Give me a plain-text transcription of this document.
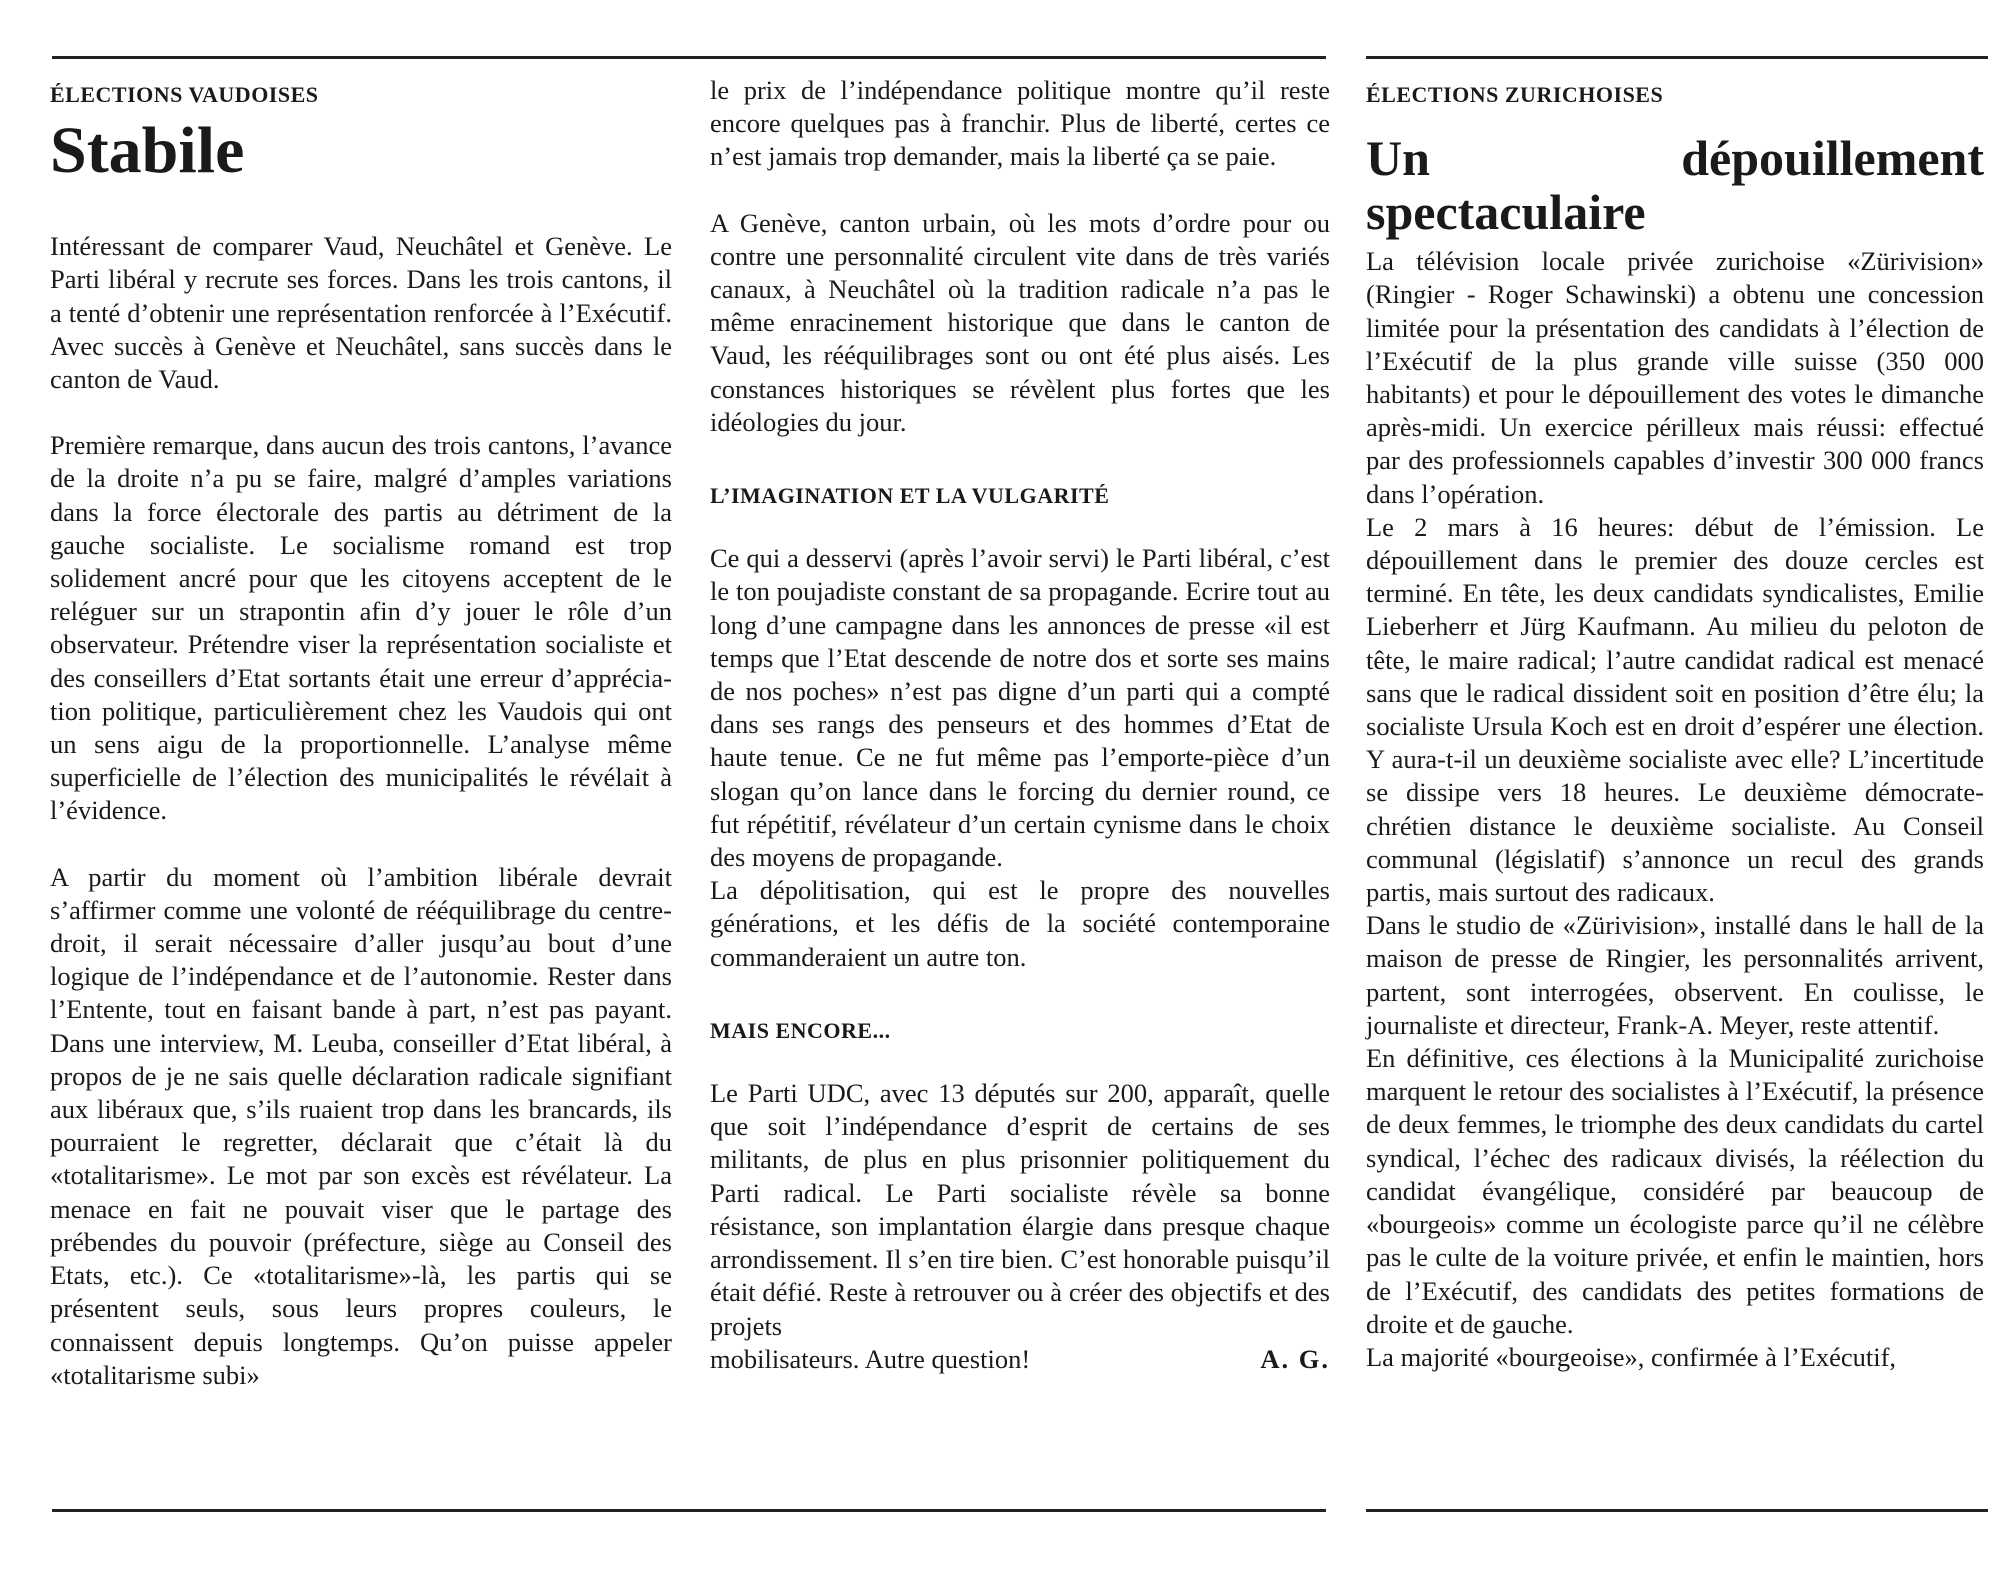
ÉLECTIONS VAUDOISES

Stabile

Intéressant de comparer Vaud, Neuchâtel et Genève. Le Parti libéral y recrute ses forces. Dans les trois cantons, il a tenté d’obtenir une représentation renforcée à l’Exécutif. Avec succès à Genève et Neuchâtel, sans succès dans le canton de Vaud.

Première remarque, dans aucun des trois cantons, l’avance de la droite n’a pu se faire, malgré d’amples variations dans la force électorale des partis au détriment de la gauche socialiste. Le socialisme romand est trop solidement ancré pour que les citoyens acceptent de le reléguer sur un strapontin afin d’y jouer le rôle d’un observateur. Prétendre viser la représentation socialiste et des conseillers d’Etat sortants était une erreur d’appréciation politique, particulièrement chez les Vaudois qui ont un sens aigu de la proportionnelle. L’analyse même superficielle de l’élection des municipalités le révélait à l’évidence.

A partir du moment où l’ambition libérale devrait s’affirmer comme une volonté de rééquilibrage du centre-droit, il serait nécessaire d’aller jusqu’au bout d’une logique de l’indépendance et de l’autonomie. Rester dans l’Entente, tout en faisant bande à part, n’est pas payant. Dans une interview, M. Leuba, conseiller d’Etat libéral, à propos de je ne sais quelle déclaration radicale signifiant aux libéraux que, s’ils ruaient trop dans les brancards, ils pourraient le regretter, déclarait que c’était là du «totalitarisme». Le mot par son excès est révélateur. La menace en fait ne pouvait viser que le partage des prébendes du pouvoir (préfecture, siège au Conseil des Etats, etc.). Ce «totalitarisme»-là, les partis qui se présentent seuls, sous leurs propres couleurs, le connaissent depuis longtemps. Qu’on puisse appeler «totalitarisme subi»

le prix de l’indépendance politique montre qu’il reste encore quelques pas à franchir. Plus de liberté, certes ce n’est jamais trop demander, mais la liberté ça se paie.

A Genève, canton urbain, où les mots d’ordre pour ou contre une personnalité circulent vite dans de très variés canaux, à Neuchâtel où la tradition radicale n’a pas le même enracinement historique que dans le canton de Vaud, les rééquilibrages sont ou ont été plus aisés. Les constances historiques se révèlent plus fortes que les idéologies du jour.

L’IMAGINATION ET LA VULGARITÉ

Ce qui a desservi (après l’avoir servi) le Parti libéral, c’est le ton poujadiste constant de sa propagande. Ecrire tout au long d’une campagne dans les annonces de presse «il est temps que l’Etat descende de notre dos et sorte ses mains de nos poches» n’est pas digne d’un parti qui a compté dans ses rangs des penseurs et des hommes d’Etat de haute tenue. Ce ne fut même pas l’emporte-pièce d’un slogan qu’on lance dans le forcing du dernier round, ce fut répétitif, révélateur d’un certain cynisme dans le choix des moyens de propagande.

La dépolitisation, qui est le propre des nouvelles générations, et les défis de la société contemporaine commanderaient un autre ton.

MAIS ENCORE...

Le Parti UDC, avec 13 députés sur 200, apparaît, quelle que soit l’indépendance d’esprit de certains de ses militants, de plus en plus prisonnier politiquement du Parti radical. Le Parti socialiste révèle sa bonne résistance, son implantation élargie dans presque chaque arrondissement. Il s’en tire bien. C’est honorable puisqu’il était défié. Reste à retrouver ou à créer des objectifs et des projets

mobilisateurs. Autre question!	A. G.

ÉLECTIONS ZURICHOISES

Un dépouillement spectaculaire

La télévision locale privée zurichoise «Zürivision» (Ringier - Roger Schawinski) a obtenu une concession limitée pour la présentation des candidats à l’élection de l’Exécutif de la plus grande ville suisse (350 000 habitants) et pour le dépouillement des votes le dimanche après-midi. Un exercice périlleux mais réussi: effectué par des professionnels capables d’investir 300 000 francs dans l’opération.

Le 2 mars à 16 heures: début de l’émission. Le dépouillement dans le premier des douze cercles est terminé. En tête, les deux candidats syndicalistes, Emilie Lieberherr et Jürg Kaufmann. Au milieu du peloton de tête, le maire radical; l’autre candidat radical est menacé sans que le radical dissident soit en position d’être élu; la socialiste Ursula Koch est en droit d’espérer une élection. Y aura-t-il un deuxième socialiste avec elle? L’incertitude se dissipe vers 18 heures. Le deuxième démocrate-chrétien distance le deuxième socialiste. Au Conseil communal (législatif) s’annonce un recul des grands partis, mais surtout des radicaux.

Dans le studio de «Zürivision», installé dans le hall de la maison de presse de Ringier, les personnalités arrivent, partent, sont interrogées, observent. En coulisse, le journaliste et directeur, Frank-A. Meyer, reste attentif.

En définitive, ces élections à la Municipalité zurichoise marquent le retour des socialistes à l’Exécutif, la présence de deux femmes, le triomphe des deux candidats du cartel syndical, l’échec des radicaux divisés, la réélection du candidat évangélique, considéré par beaucoup de «bourgeois» comme un écologiste parce qu’il ne célèbre pas le culte de la voiture privée, et enfin le maintien, hors de l’Exécutif, des candidats des petites formations de droite et de gauche.

La majorité «bourgeoise», confirmée à l’Exécutif,
